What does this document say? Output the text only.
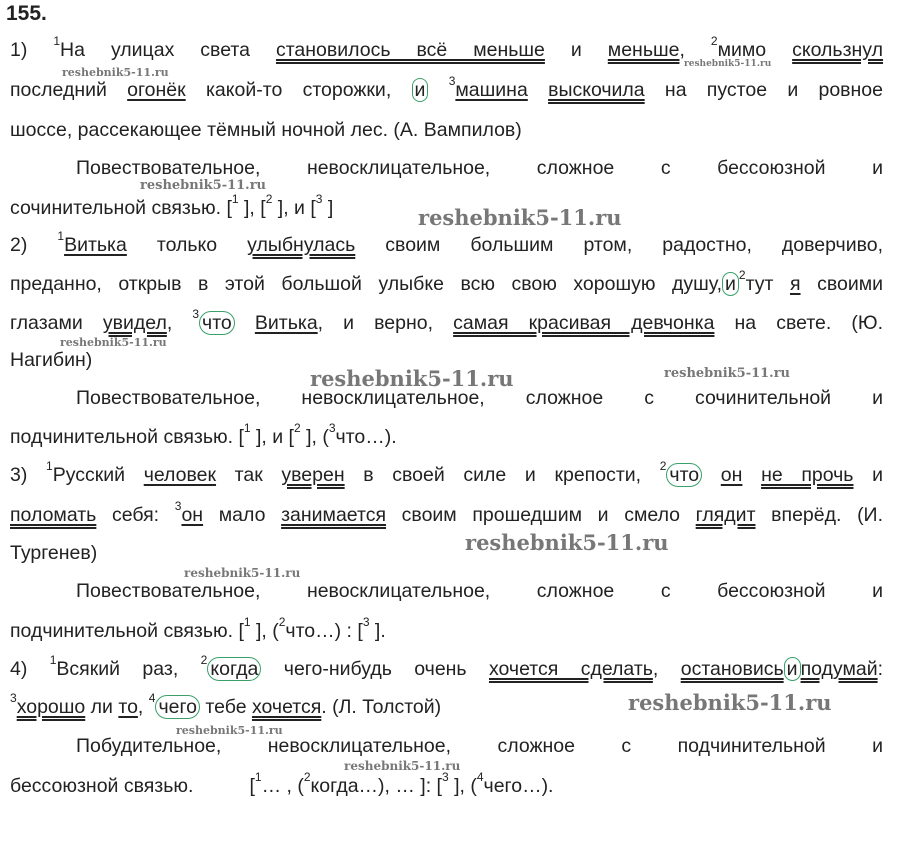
155.
1) $^1$На улицах света становилось всё меньше и меньше, $^2$мимо скользнул
последний огонёк какой-то сторожки, и $^3$машина выскочила на пустое и ровное
шоссе, рассекающее тёмный ночной лес. (А. Вампилов)
Повествовательное, невосклицательное, сложное с бессоюзной и
сочинительной связью. [$^1$ ], [$^2$ ], и [$^3$ ]
2) $^1$Витька только улыбнулась своим большим ртом, радостно, доверчиво,
преданно, открыв в этой большой улыбке всю свою хорошую душу, и $^2$тут я своими
глазами увидел, $^3$ что Витька, и верно, самая красивая девчонка на свете. (Ю.
Нагибин)
Повествовательное, невосклицательное, сложное с сочинительной и
подчинительной связью. [$^1$ ], и [$^2$ ], ($^3$что…).
3) $^1$Русский человек так уверен в своей силе и крепости, $^2$ что он не прочь и
поломать себя: $^3$он мало занимается своим прошедшим и смело глядит вперёд. (И.
Тургенев)
Повествовательное, невосклицательное, сложное с бессоюзной и
подчинительной связью. [$^1$ ], ($^2$что…) : [$^3$ ].
4) $^1$Всякий раз, $^2$ когда чего-нибудь очень хочется сделать, остановись и подумай:
$^3$хорошо ли то, $^4$ чего тебе хочется. (Л. Толстой)
Побудительное, невосклицательное, сложное с подчинительной и
бессоюзной связью.	[$^1$… , ($^2$когда…), … ]: [$^3$ ], ($^4$чего…).
reshebnik5-11.ru
reshebnik5-11.ru
reshebnik5-11.ru
reshebnik5-11.ru
reshebnik5-11.ru
reshebnik5-11.ru	reshebnik5-11.ru
reshebnik5-11.ru
reshebnik5-11.ru
reshebnik5-11.ru
reshebnik5-11.ru
reshebnik5-11.ru
